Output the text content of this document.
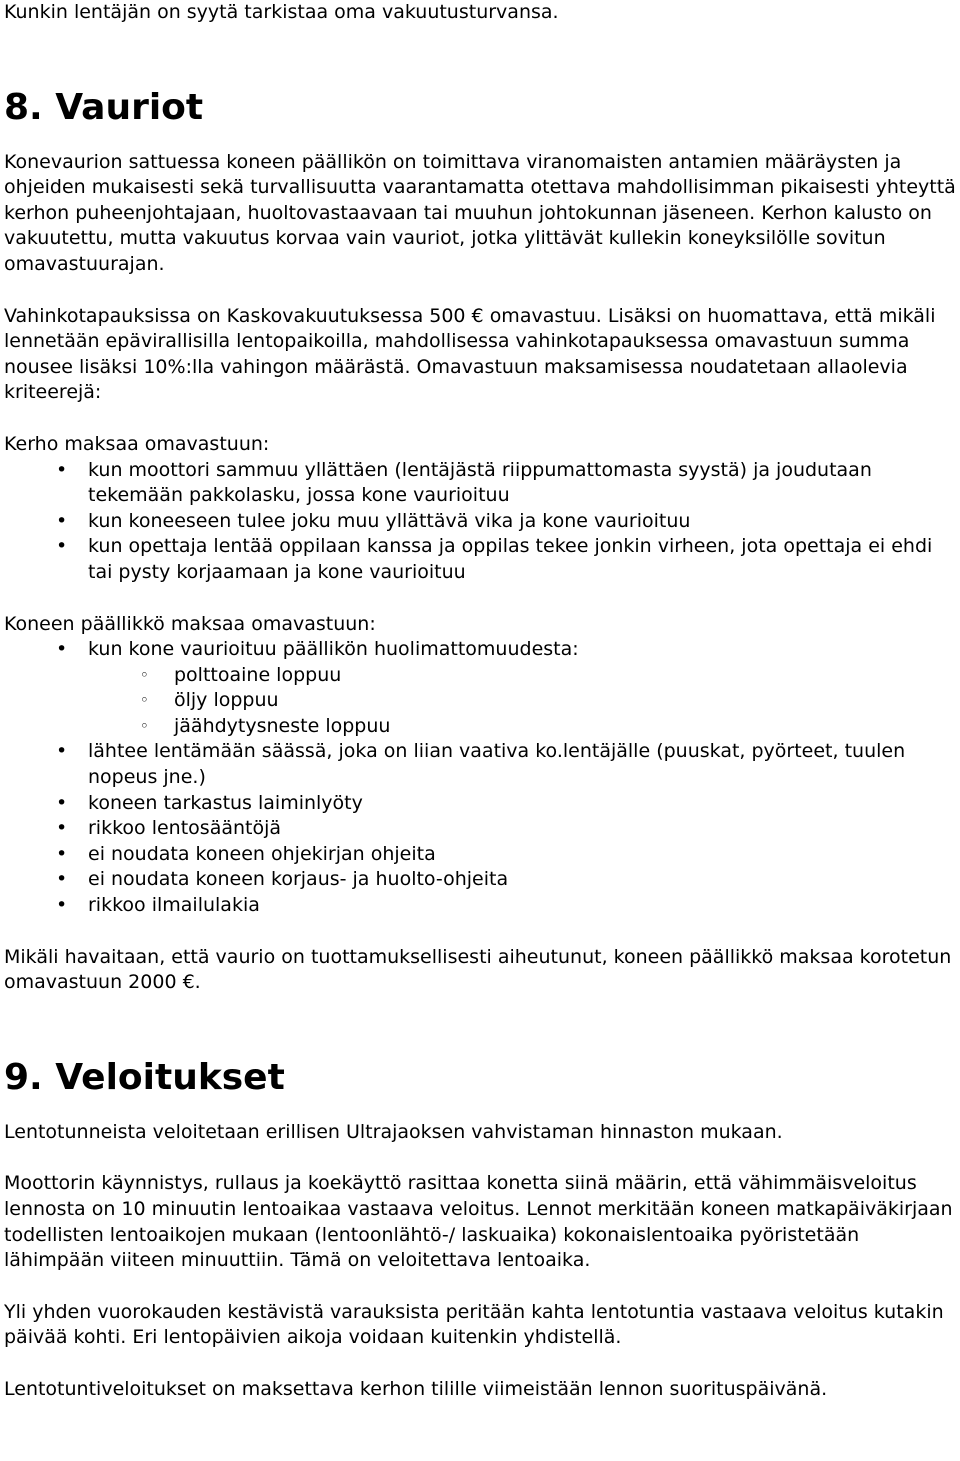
Kunkin lentäjän on syytä tarkistaa oma vakuutusturvansa.

8. Vauriot

Konevaurion sattuessa koneen päällikön on toimittava viranomaisten antamien määräysten ja ohjeiden mukaisesti sekä turvallisuutta vaarantamatta otettava mahdollisimman pikaisesti yhteyttä kerhon puheenjohtajaan, huoltovastaavaan tai muuhun johtokunnan jäseneen. Kerhon kalusto on vakuutettu, mutta vakuutus korvaa vain vauriot, jotka ylittävät kullekin koneyksilölle sovitun omavastuurajan.

Vahinkotapauksissa on Kaskovakuutuksessa 500 € omavastuu. Lisäksi on huomattava, että mikäli lennetään epävirallisilla lentopaikoilla, mahdollisessa vahinkotapauksessa omavastuun summa nousee lisäksi 10%:lla vahingon määrästä. Omavastuun maksamisessa noudatetaan allaolevia kriteerejä:

Kerho maksaa omavastuun:

• kun moottori sammuu yllättäen (lentäjästä riippumattomasta syystä) ja joudutaan tekemään pakkolasku, jossa kone vaurioituu
• kun koneeseen tulee joku muu yllättävä vika ja kone vaurioituu
• kun opettaja lentää oppilaan kanssa ja oppilas tekee jonkin virheen, jota opettaja ei ehdi tai pysty korjaamaan ja kone vaurioituu

Koneen päällikkö maksaa omavastuun:

• kun kone vaurioituu päällikön huolimattomuudesta:
◦ polttoaine loppuu
◦ öljy loppuu
◦ jäähdytysneste loppuu
• lähtee lentämään säässä, joka on liian vaativa ko.lentäjälle (puuskat, pyörteet, tuulen nopeus jne.)
• koneen tarkastus laiminlyöty
• rikkoo lentosääntöjä
• ei noudata koneen ohjekirjan ohjeita
• ei noudata koneen korjaus- ja huolto-ohjeita
• rikkoo ilmailulakia

Mikäli havaitaan, että vaurio on tuottamuksellisesti aiheutunut, koneen päällikkö maksaa korotetun omavastuun 2000 €.

9. Veloitukset

Lentotunneista veloitetaan erillisen Ultrajaoksen vahvistaman hinnaston mukaan.

Moottorin käynnistys, rullaus ja koekäyttö rasittaa konetta siinä määrin, että vähimmäisveloitus lennosta on 10 minuutin lentoaikaa vastaava veloitus. Lennot merkitään koneen matkapäiväkirjaan todellisten lentoaikojen mukaan (lentoonlähtö-/ laskuaika) kokonaislentoaika pyöristetään lähimpään viiteen minuuttiin. Tämä on veloitettava lentoaika.

Yli yhden vuorokauden kestävistä varauksista peritään kahta lentotuntia vastaava veloitus kutakin päivää kohti. Eri lentopäivien aikoja voidaan kuitenkin yhdistellä.

Lentotuntiveloitukset on maksettava kerhon tilille viimeistään lennon suorituspäivänä.
